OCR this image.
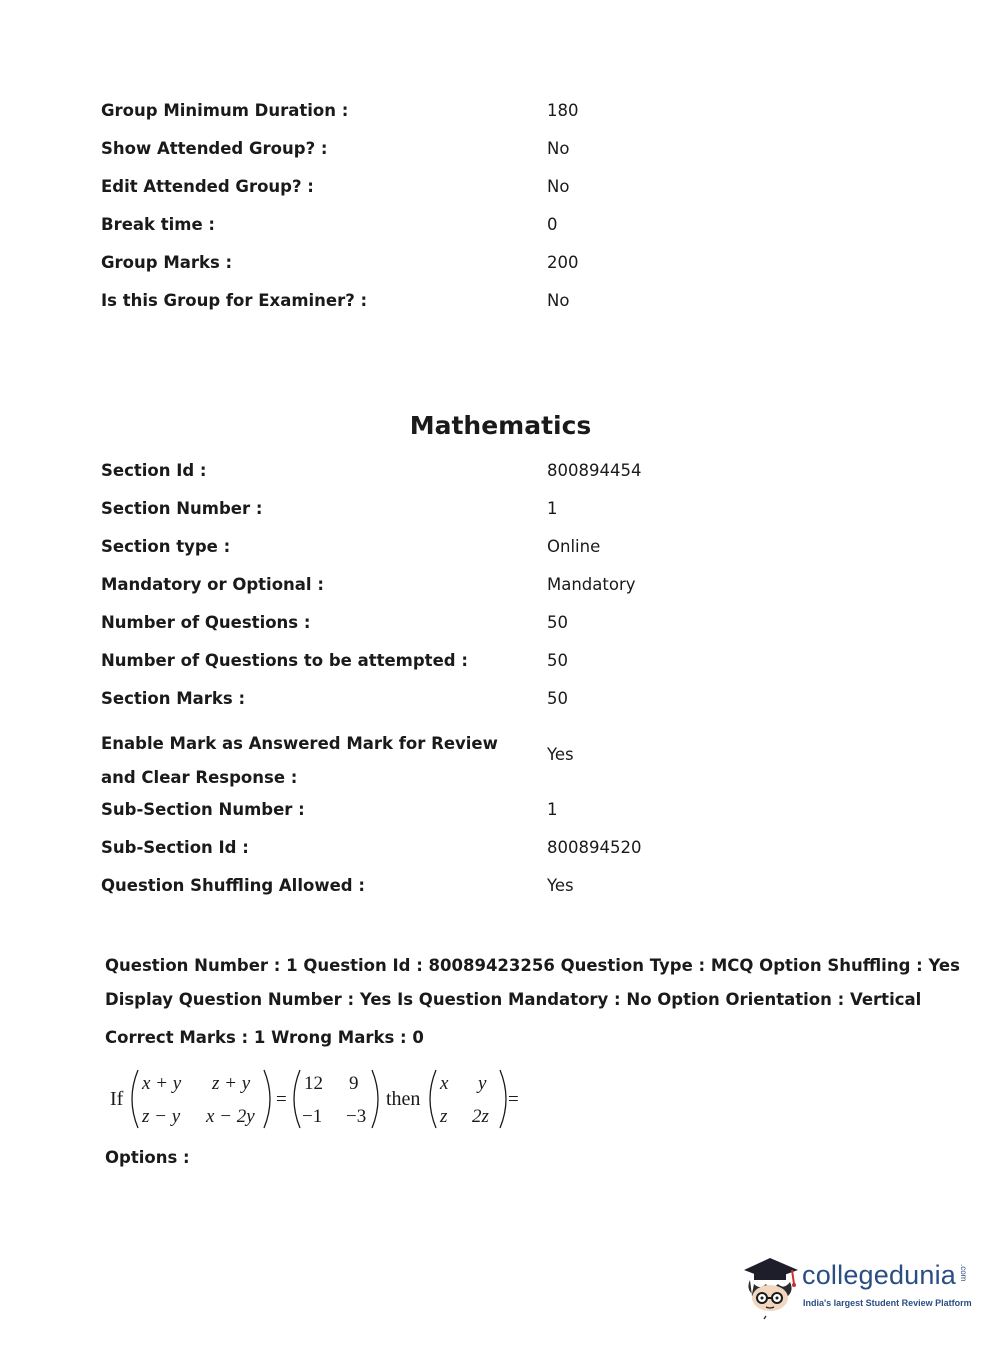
Group Minimum Duration :	180
Show Attended Group? :	No
Edit Attended Group? :	No
Break time :	0
Group Marks :	200
Is this Group for Examiner? :	No
Mathematics
Section Id :	800894454
Section Number :	1
Section type :	Online
Mandatory or Optional :	Mandatory
Number of Questions :	50
Number of Questions to be attempted :	50
Section Marks :	50
Enable Mark as Answered Mark for Review and Clear Response :
Yes
Sub-Section Number :	1
Sub-Section Id :	800894520
Question Shuffling Allowed :	Yes
Question Number : 1 Question Id : 80089423256 Question Type : MCQ Option Shuffling : Yes
Display Question Number : Yes Is Question Mandatory : No Option Orientation : Vertical
Correct Marks : 1 Wrong Marks : 0
If
x + y z + y
z − y x − 2y
=
12 9
−1 −3
then
x y
z 2z
=
Options :
collegedunia .com
India's largest Student Review Platform
